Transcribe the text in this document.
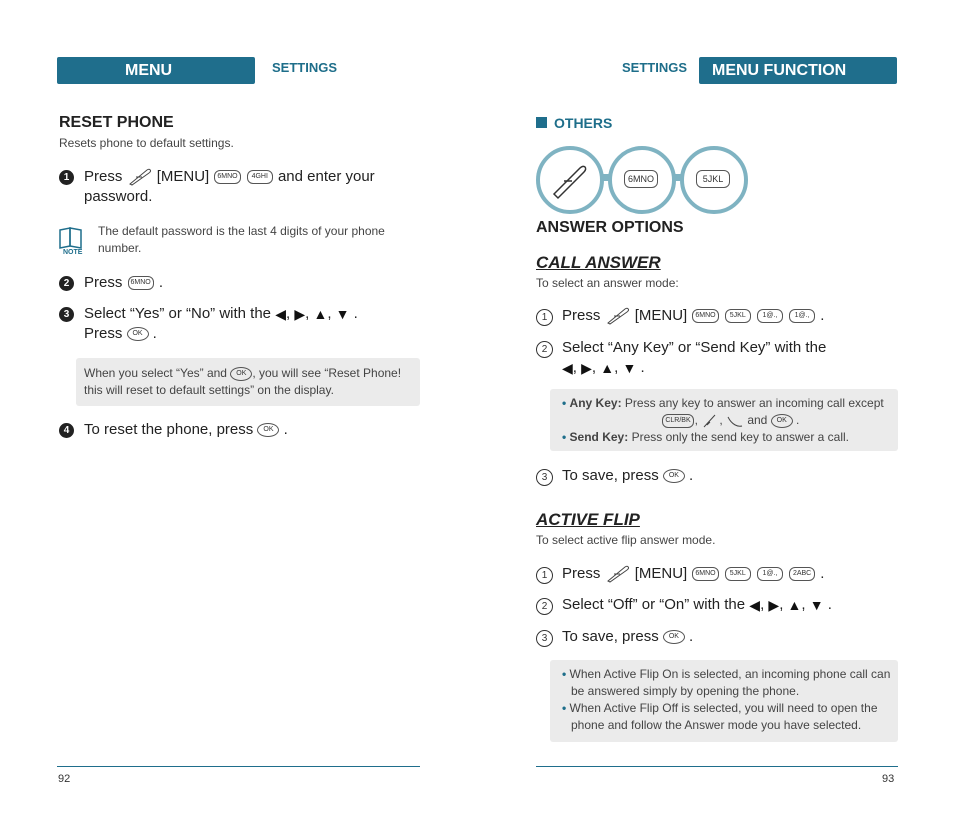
MENU FUNCTION
SETTINGS
RESET PHONE
Resets phone to default settings.
1 Press [MENU] 6MNO 4GHI and enter your
password.
NOTE
The default password is the last 4 digits of your phone
number.
2 Press 6MNO .
3 Select “Yes” or “No” with the ◀, ▶, ▲, ▼ .
Press OK .
When you select “Yes” and OK , you will see “Reset Phone!
this will reset to default settings” on the display.
4 To reset the phone, press OK .
SETTINGS	MENU FUNCTION
OTHERS
6MNO	5JKL
ANSWER OPTIONS
CALL ANSWER
To select an answer mode:
1 Press [MENU] 6MNO 5JKL 1@., 1@., .
2 Select “Any Key” or “Send Key” with the
◀, ▶, ▲, ▼ .
• Any Key: Press any key to answer an incoming call except
CLR/BK , ,  and OK .
• Send Key: Press only the send key to answer a call.
3 To save, press OK .
ACTIVE FLIP
To select active flip answer mode.
1 Press [MENU] 6MNO 5JKL 1@., 2ABC .
2 Select “Off” or “On” with the ◀, ▶, ▲, ▼ .
3 To save, press OK .
• When Active Flip On is selected, an incoming phone call can
be answered simply by opening the phone.
• When Active Flip Off is selected, you will need to open the
phone and follow the Answer mode you have selected.
92	93
